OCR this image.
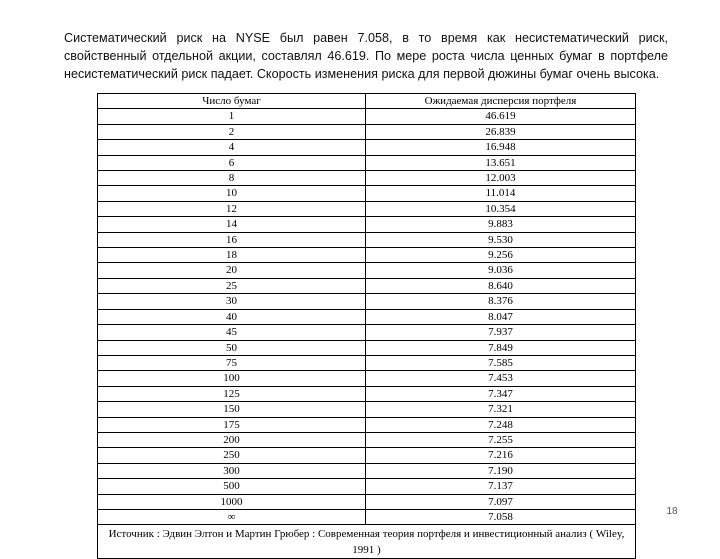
Систематический риск на NYSE был равен 7.058, в то время как несистематический риск, свойственный отдельной акции, составлял 46.619. По мере роста числа ценных бумаг в портфеле несистематический риск падает. Скорость изменения риска для первой дюжины бумаг очень высока.

Число бумаг	Ожидаемая дисперсия портфеля
1	46.619
2	26.839
4	16.948
6	13.651
8	12.003
10	11.014
12	10.354
14	9.883
16	9.530
18	9.256
20	9.036
25	8.640
30	8.376
40	8.047
45	7.937
50	7.849
75	7.585
100	7.453
125	7.347
150	7.321
175	7.248
200	7.255
250	7.216
300	7.190
500	7.137
1000	7.097
∞	7.058
Источник : Эдвин Элтон и Мартин Грюбер : Современная теория портфеля и инвестиционный анализ ( Wiley, 1991 )	
18
